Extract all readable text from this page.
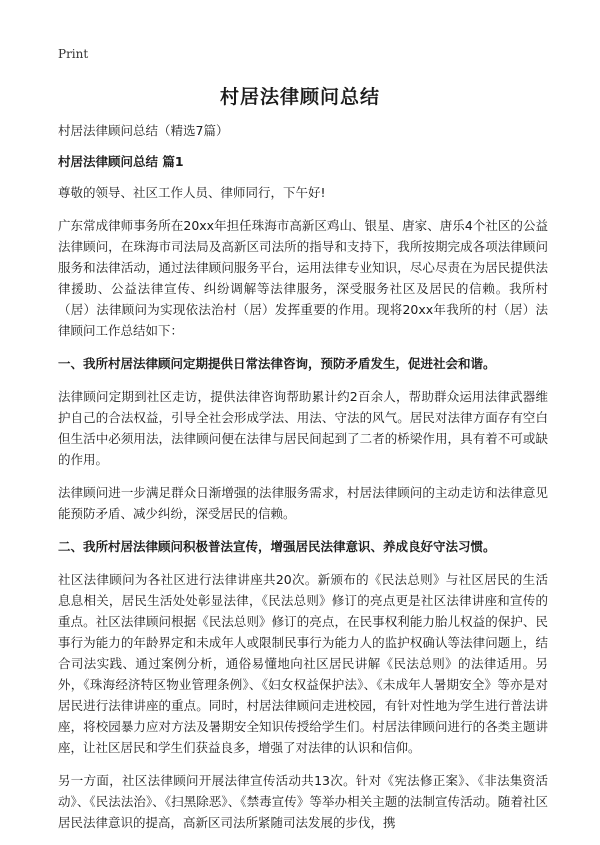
Print
村居法律顾问总结

村居法律顾问总结（精选7篇）

村居法律顾问总结 篇1

尊敬的领导、社区工作人员、律师同行，下午好!

广东常成律师事务所在20xx年担任珠海市高新区鸡山、银星、唐家、唐乐4个社区的公益法律顾问，在珠海市司法局及高新区司法所的指导和支持下，我所按期完成各项法律顾问服务和法律活动，通过法律顾问服务平台，运用法律专业知识，尽心尽责在为居民提供法律援助、公益法律宣传、纠纷调解等法律服务，深受服务社区及居民的信赖。我所村（居）法律顾问为实现依法治村（居）发挥重要的作用。现将20xx年我所的村（居）法律顾问工作总结如下：

一、我所村居法律顾问定期提供日常法律咨询，预防矛盾发生，促进社会和谐。

法律顾问定期到社区走访，提供法律咨询帮助累计约2百余人，帮助群众运用法律武器维护自己的合法权益，引导全社会形成学法、用法、守法的风气。居民对法律方面存有空白但生活中必须用法，法律顾问便在法律与居民间起到了二者的桥梁作用，具有着不可或缺的作用。

法律顾问进一步满足群众日渐增强的法律服务需求，村居法律顾问的主动走访和法律意见能预防矛盾、减少纠纷，深受居民的信赖。

二、我所村居法律顾问积极普法宣传，增强居民法律意识、养成良好守法习惯。

社区法律顾问为各社区进行法律讲座共20次。新颁布的《民法总则》与社区居民的生活息息相关，居民生活处处彰显法律，《民法总则》修订的亮点更是社区法律讲座和宣传的重点。社区法律顾问根据《民法总则》修订的亮点，在民事权利能力胎儿权益的保护、民事行为能力的年龄界定和未成年人或限制民事行为能力人的监护权确认等法律问题上，结合司法实践、通过案例分析，通俗易懂地向社区居民讲解《民法总则》的法律适用。另外，《珠海经济特区物业管理条例》、《妇女权益保护法》、《未成年人暑期安全》等亦是对居民进行法律讲座的重点。同时，村居法律顾问走进校园，有针对性地为学生进行普法讲座，将校园暴力应对方法及暑期安全知识传授给学生们。村居法律顾问进行的各类主题讲座，让社区居民和学生们获益良多，增强了对法律的认识和信仰。

另一方面，社区法律顾问开展法律宣传活动共13次。针对《宪法修正案》、《非法集资活动》、《民法法治》、《扫黑除恶》、《禁毒宣传》等举办相关主题的法制宣传活动。随着社区居民法律意识的提高，高新区司法所紧随司法发展的步伐，携
